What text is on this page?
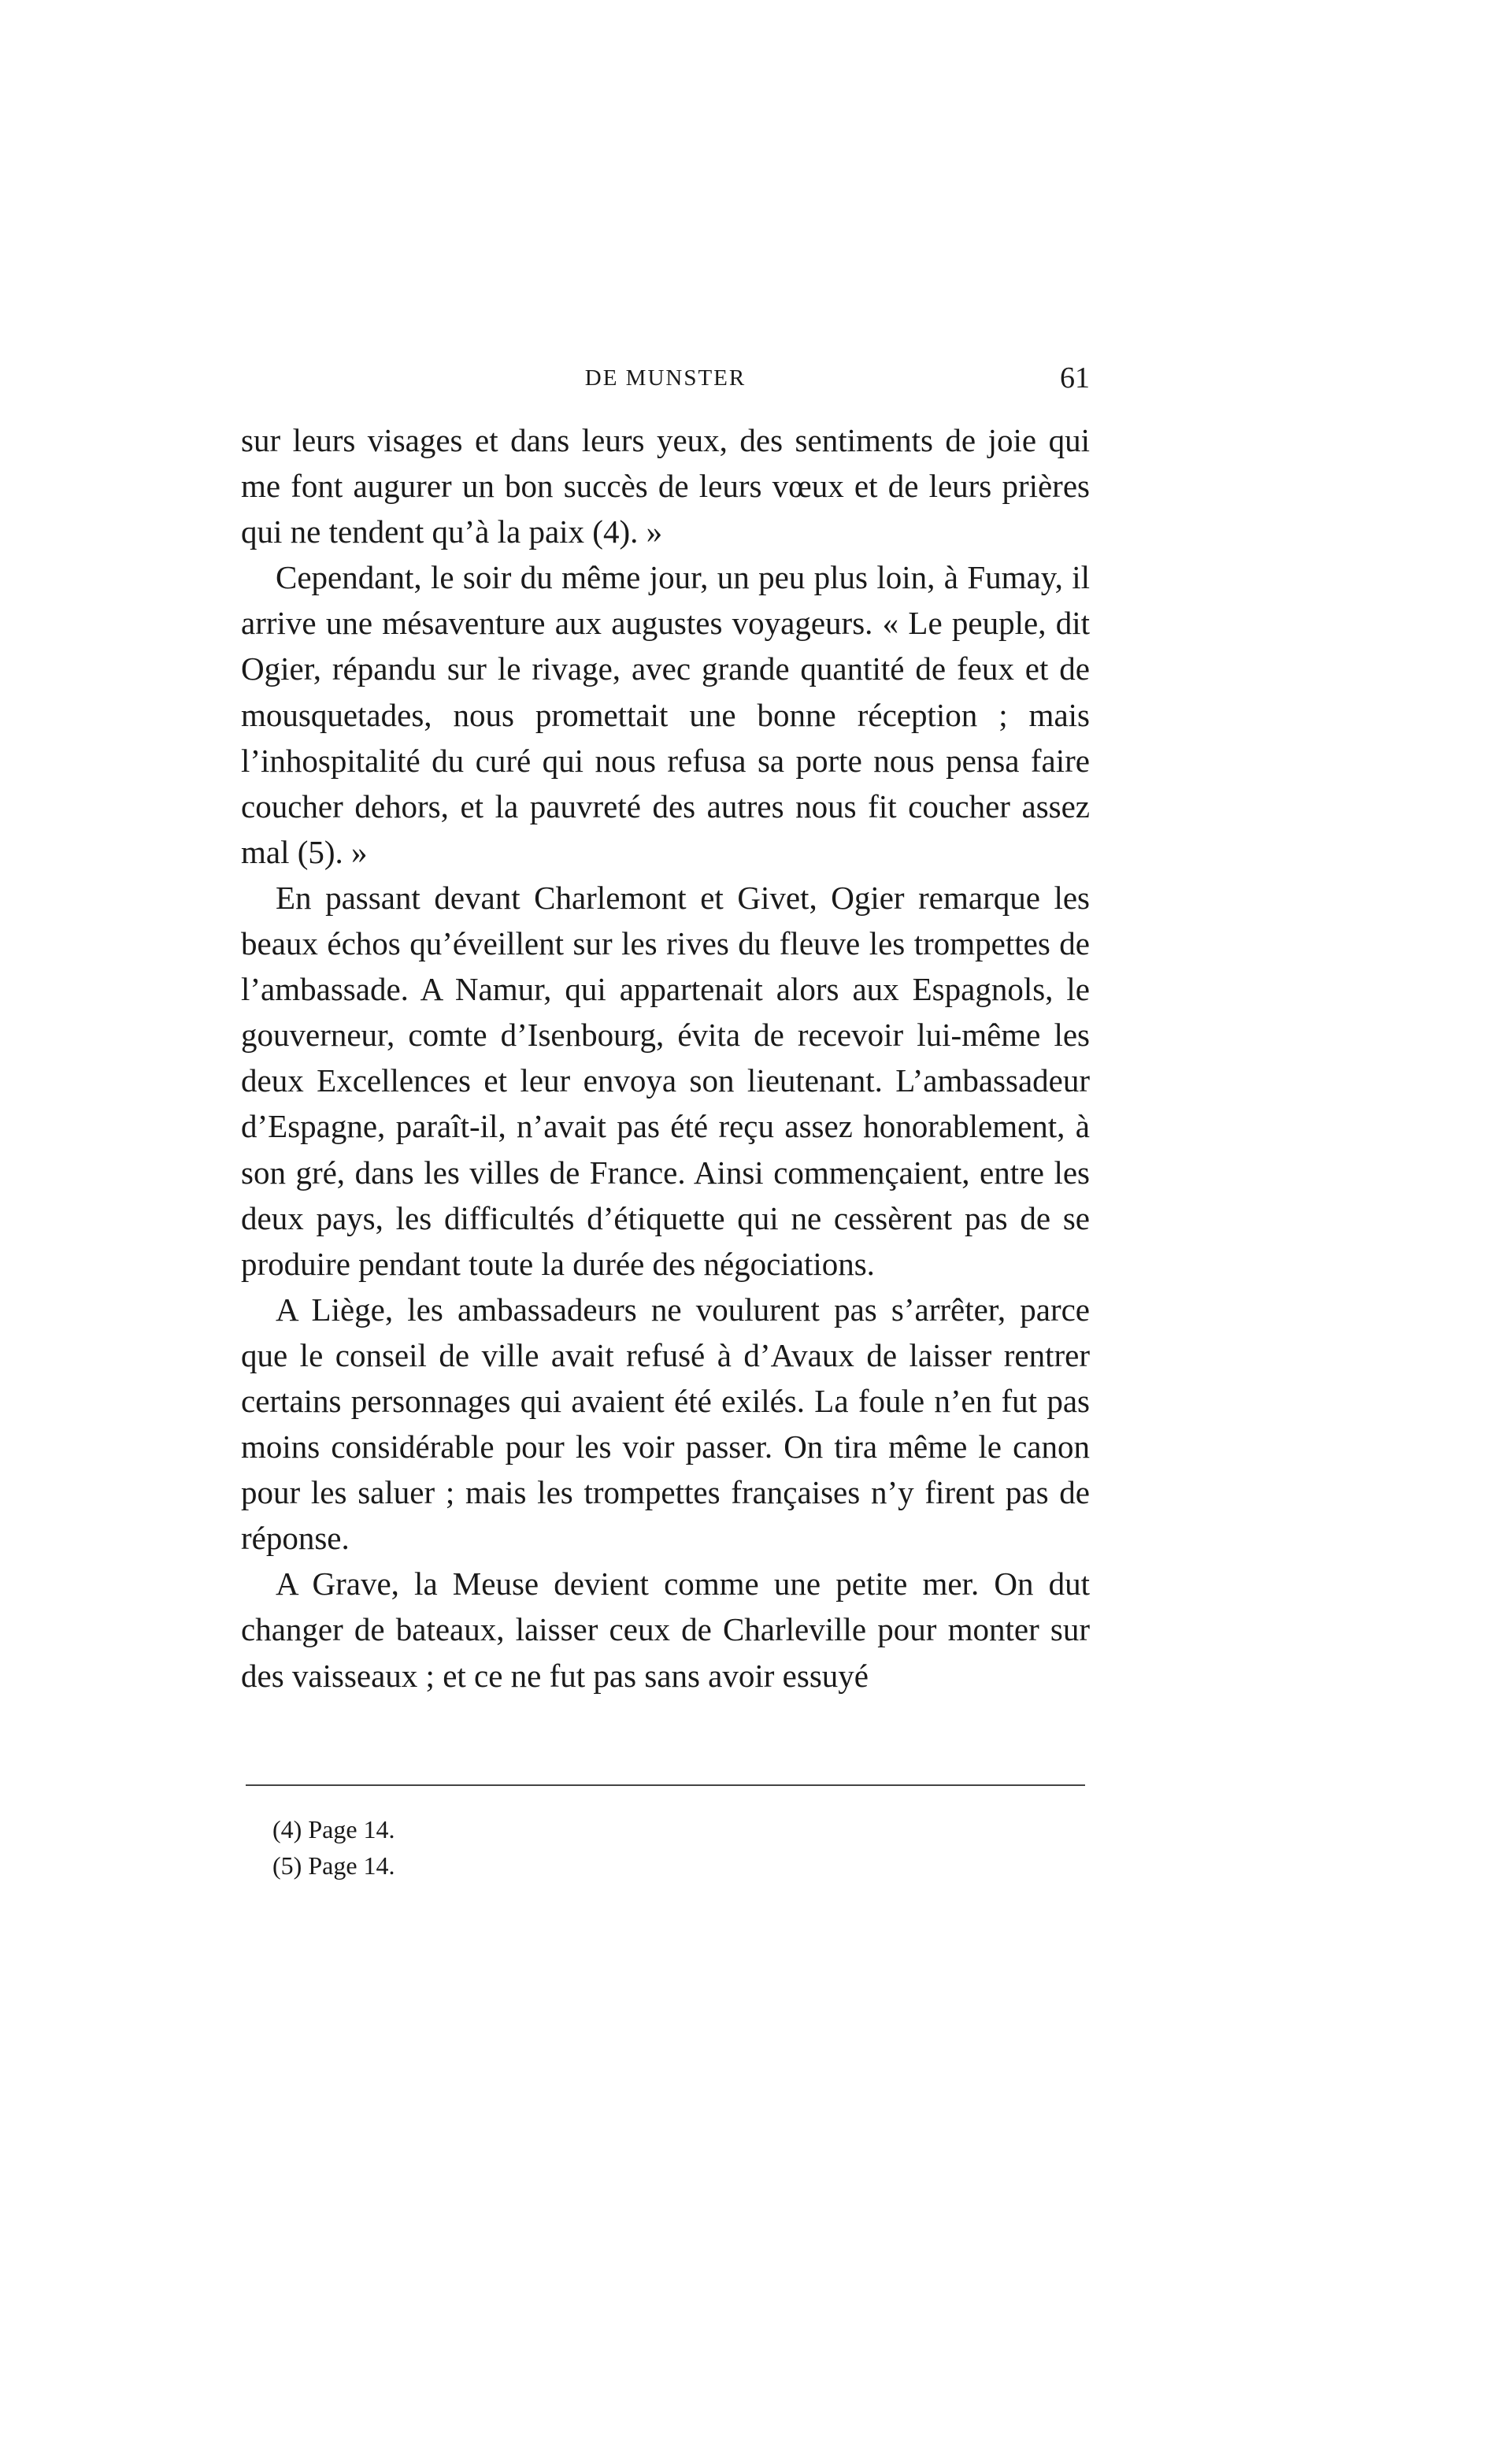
DE MUNSTER	61

sur leurs visages et dans leurs yeux, des sentiments de joie qui me font augurer un bon succès de leurs vœux et de leurs prières qui ne tendent qu’à la paix (4). »

Cependant, le soir du même jour, un peu plus loin, à Fumay, il arrive une mésaventure aux augustes voyageurs. « Le peuple, dit Ogier, répandu sur le rivage, avec grande quantité de feux et de mousquetades, nous promettait une bonne réception ; mais l’inhospitalité du curé qui nous refusa sa porte nous pensa faire coucher dehors, et la pauvreté des autres nous fit coucher assez mal (5). »

En passant devant Charlemont et Givet, Ogier remarque les beaux échos qu’éveillent sur les rives du fleuve les trompettes de l’ambassade. A Namur, qui appartenait alors aux Espagnols, le gouverneur, comte d’Isenbourg, évita de recevoir lui-même les deux Excellences et leur envoya son lieutenant. L’ambassadeur d’Espagne, paraît-il, n’avait pas été reçu assez honorablement, à son gré, dans les villes de France. Ainsi commençaient, entre les deux pays, les difficultés d’étiquette qui ne cessèrent pas de se produire pendant toute la durée des négociations.

A Liège, les ambassadeurs ne voulurent pas s’arrêter, parce que le conseil de ville avait refusé à d’Avaux de laisser rentrer certains personnages qui avaient été exilés. La foule n’en fut pas moins considérable pour les voir passer. On tira même le canon pour les saluer ; mais les trompettes françaises n’y firent pas de réponse.

A Grave, la Meuse devient comme une petite mer. On dut changer de bateaux, laisser ceux de Charleville pour monter sur des vaisseaux ; et ce ne fut pas sans avoir essuyé

(4) Page 14.

(5) Page 14.
